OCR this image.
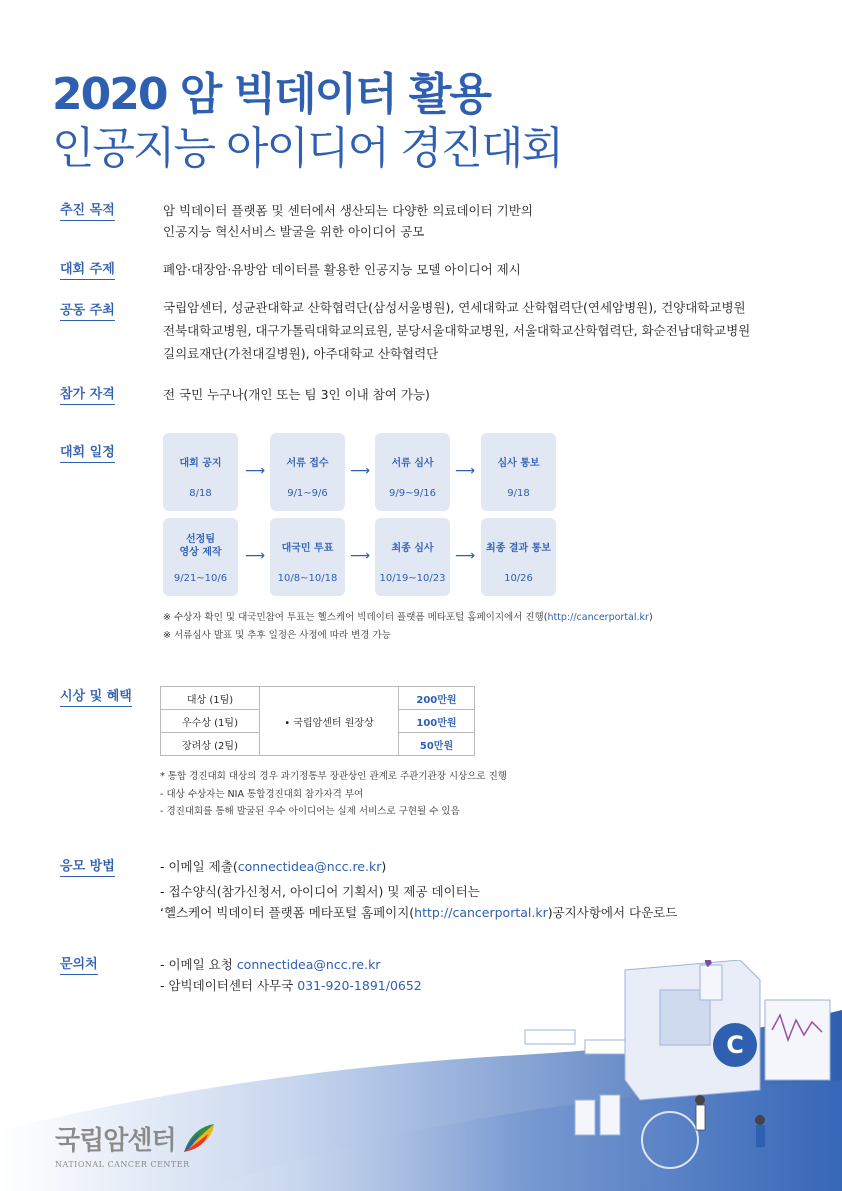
2020 암 빅데이터 활용
인공지능 아이디어 경진대회
추진 목적	암 빅데이터 플랫폼 및 센터에서 생산되는 다양한 의료데이터 기반의
인공지능 혁신서비스 발굴을 위한 아이디어 공모
대회 주제	폐암·대장암·유방암 데이터를 활용한 인공지능 모델 아이디어 제시
공동 주최	국립암센터, 성균관대학교 산학협력단(삼성서울병원), 연세대학교 산학협력단(연세암병원), 건양대학교병원
전북대학교병원, 대구가톨릭대학교의료원, 분당서울대학교병원, 서울대학교산학협력단, 화순전남대학교병원
길의료재단(가천대길병원), 아주대학교 산학협력단
참가 자격	전 국민 누구나(개인 또는 팀 3인 이내 참여 가능)
대회 일정
대회 공지
8/18
⟶	서류 접수
9/1~9/6
⟶	서류 심사
9/9~9/16
⟶	심사 통보
9/18
선정팀
영상 제작
9/21~10/6
⟶	대국민 투표
10/8~10/18
⟶	최종 심사
10/19~10/23
⟶	최종 결과 통보
10/26
※ 수상자 확인 및 대국민참여 투표는 헬스케어 빅데이터 플랫폼 메타포털 홈페이지에서 진행(http://cancerportal.kr)
※ 서류심사 발표 및 추후 일정은 사정에 따라 변경 가능
시상 및 혜택	대상 (1팀)	• 국립암센터 원장상	200만원
우수상 (1팀)		100만원
장려상 (2팀)		50만원
* 통합 경진대회 대상의 경우 과기정통부 장관상인 관계로 주관기관장 시상으로 진행
- 대상 수상자는 NIA 통합경진대회 참가자격 부여
- 경진대회를 통해 발굴된 우수 아이디어는 실제 서비스로 구현될 수 있음
응모 방법	- 이메일 제출(connectidea@ncc.re.kr)
- 접수양식(참가신청서, 아이디어 기획서) 및 제공 데이터는
‘헬스케어 빅데이터 플랫폼 메타포털 홈페이지(http://cancerportal.kr)공지사항에서 다운로드
문의처	- 이메일 요청 connectidea@ncc.re.kr
- 암빅데이터센터 사무국 031-920-1891/0652
C
국립암센터
NATIONAL CANCER CENTER
